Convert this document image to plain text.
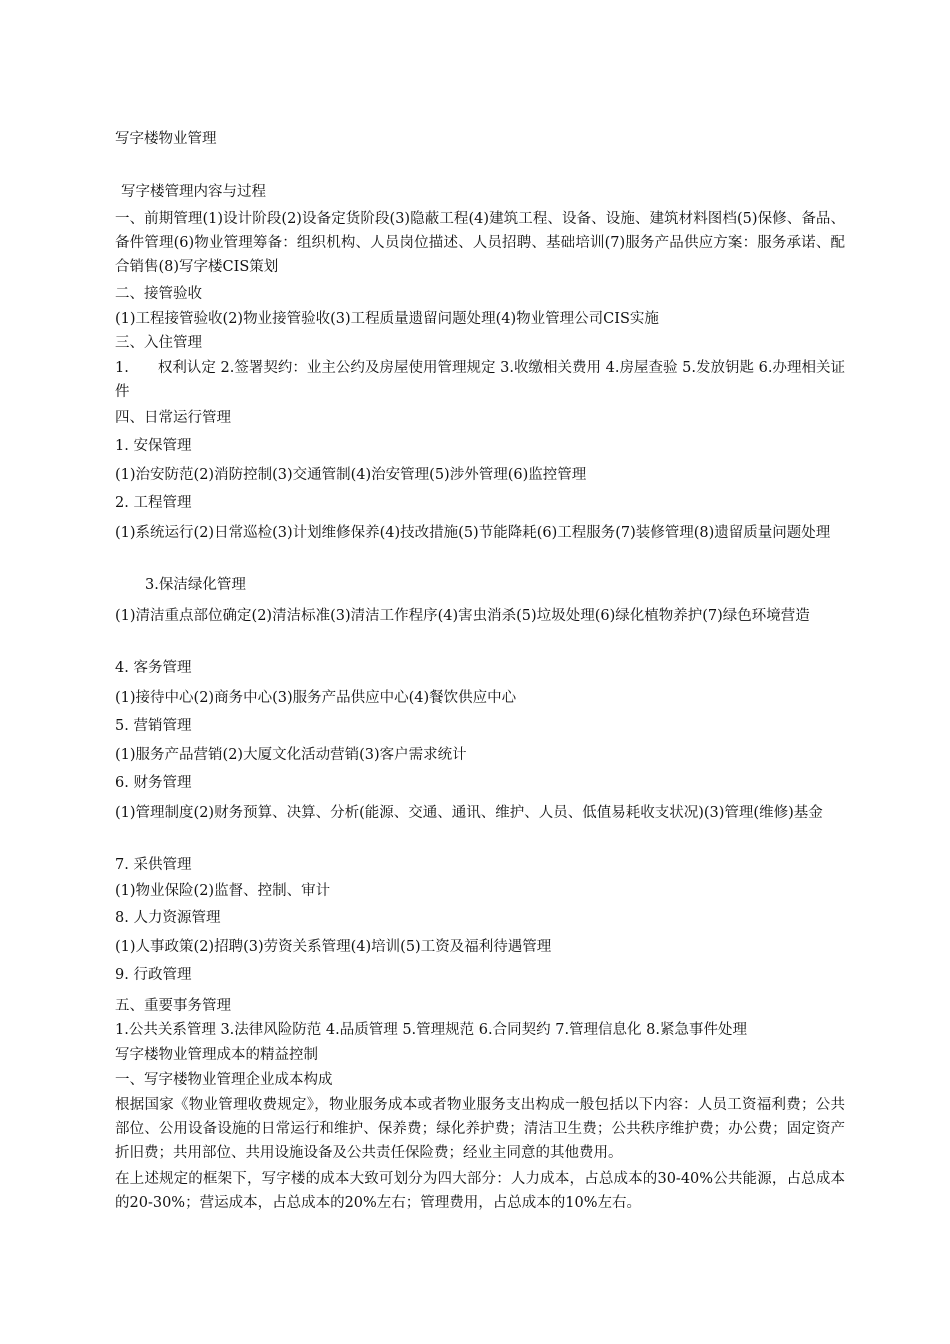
写字楼物业管理
写字楼管理内容与过程
一、前期管理(1)设计阶段(2)设备定货阶段(3)隐蔽工程(4)建筑工程、设备、设施、建筑材料图档(5)保修、备品、备件管理(6)物业管理筹备：组织机构、人员岗位描述、人员招聘、基础培训(7)服务产品供应方案：服务承诺、配合销售(8)写字楼CIS策划
二、接管验收
(1)工程接管验收(2)物业接管验收(3)工程质量遗留问题处理(4)物业管理公司CIS实施
三、入住管理
1.　　权利认定 2.签署契约：业主公约及房屋使用管理规定 3.收缴相关费用 4.房屋查验 5.发放钥匙 6.办理相关证件
四、日常运行管理
1. 安保管理
(1)治安防范(2)消防控制(3)交通管制(4)治安管理(5)涉外管理(6)监控管理
2. 工程管理
(1)系统运行(2)日常巡检(3)计划维修保养(4)技改措施(5)节能降耗(6)工程服务(7)装修管理(8)遗留质量问题处理
3.保洁绿化管理
(1)清洁重点部位确定(2)清洁标准(3)清洁工作程序(4)害虫消杀(5)垃圾处理(6)绿化植物养护(7)绿色环境营造
4. 客务管理
(1)接待中心(2)商务中心(3)服务产品供应中心(4)餐饮供应中心
5. 营销管理
(1)服务产品营销(2)大厦文化活动营销(3)客户需求统计
6. 财务管理
(1)管理制度(2)财务预算、决算、分析(能源、交通、通讯、维护、人员、低值易耗收支状况)(3)管理(维修)基金
7. 采供管理
(1)物业保险(2)监督、控制、审计
8. 人力资源管理
(1)人事政策(2)招聘(3)劳资关系管理(4)培训(5)工资及福利待遇管理
9. 行政管理
五、重要事务管理
1.公共关系管理 3.法律风险防范 4.品质管理 5.管理规范 6.合同契约 7.管理信息化 8.紧急事件处理
写字楼物业管理成本的精益控制
一、写字楼物业管理企业成本构成
根据国家《物业管理收费规定》，物业服务成本或者物业服务支出构成一般包括以下内容：人员工资福利费；公共部位、公用设备设施的日常运行和维护、保养费；绿化养护费；清洁卫生费；公共秩序维护费；办公费；固定资产折旧费；共用部位、共用设施设备及公共责任保险费；经业主同意的其他费用。
在上述规定的框架下，写字楼的成本大致可划分为四大部分：人力成本，占总成本的30-40%公共能源，占总成本的20-30%；营运成本，占总成本的20%左右；管理费用，占总成本的10%左右。
